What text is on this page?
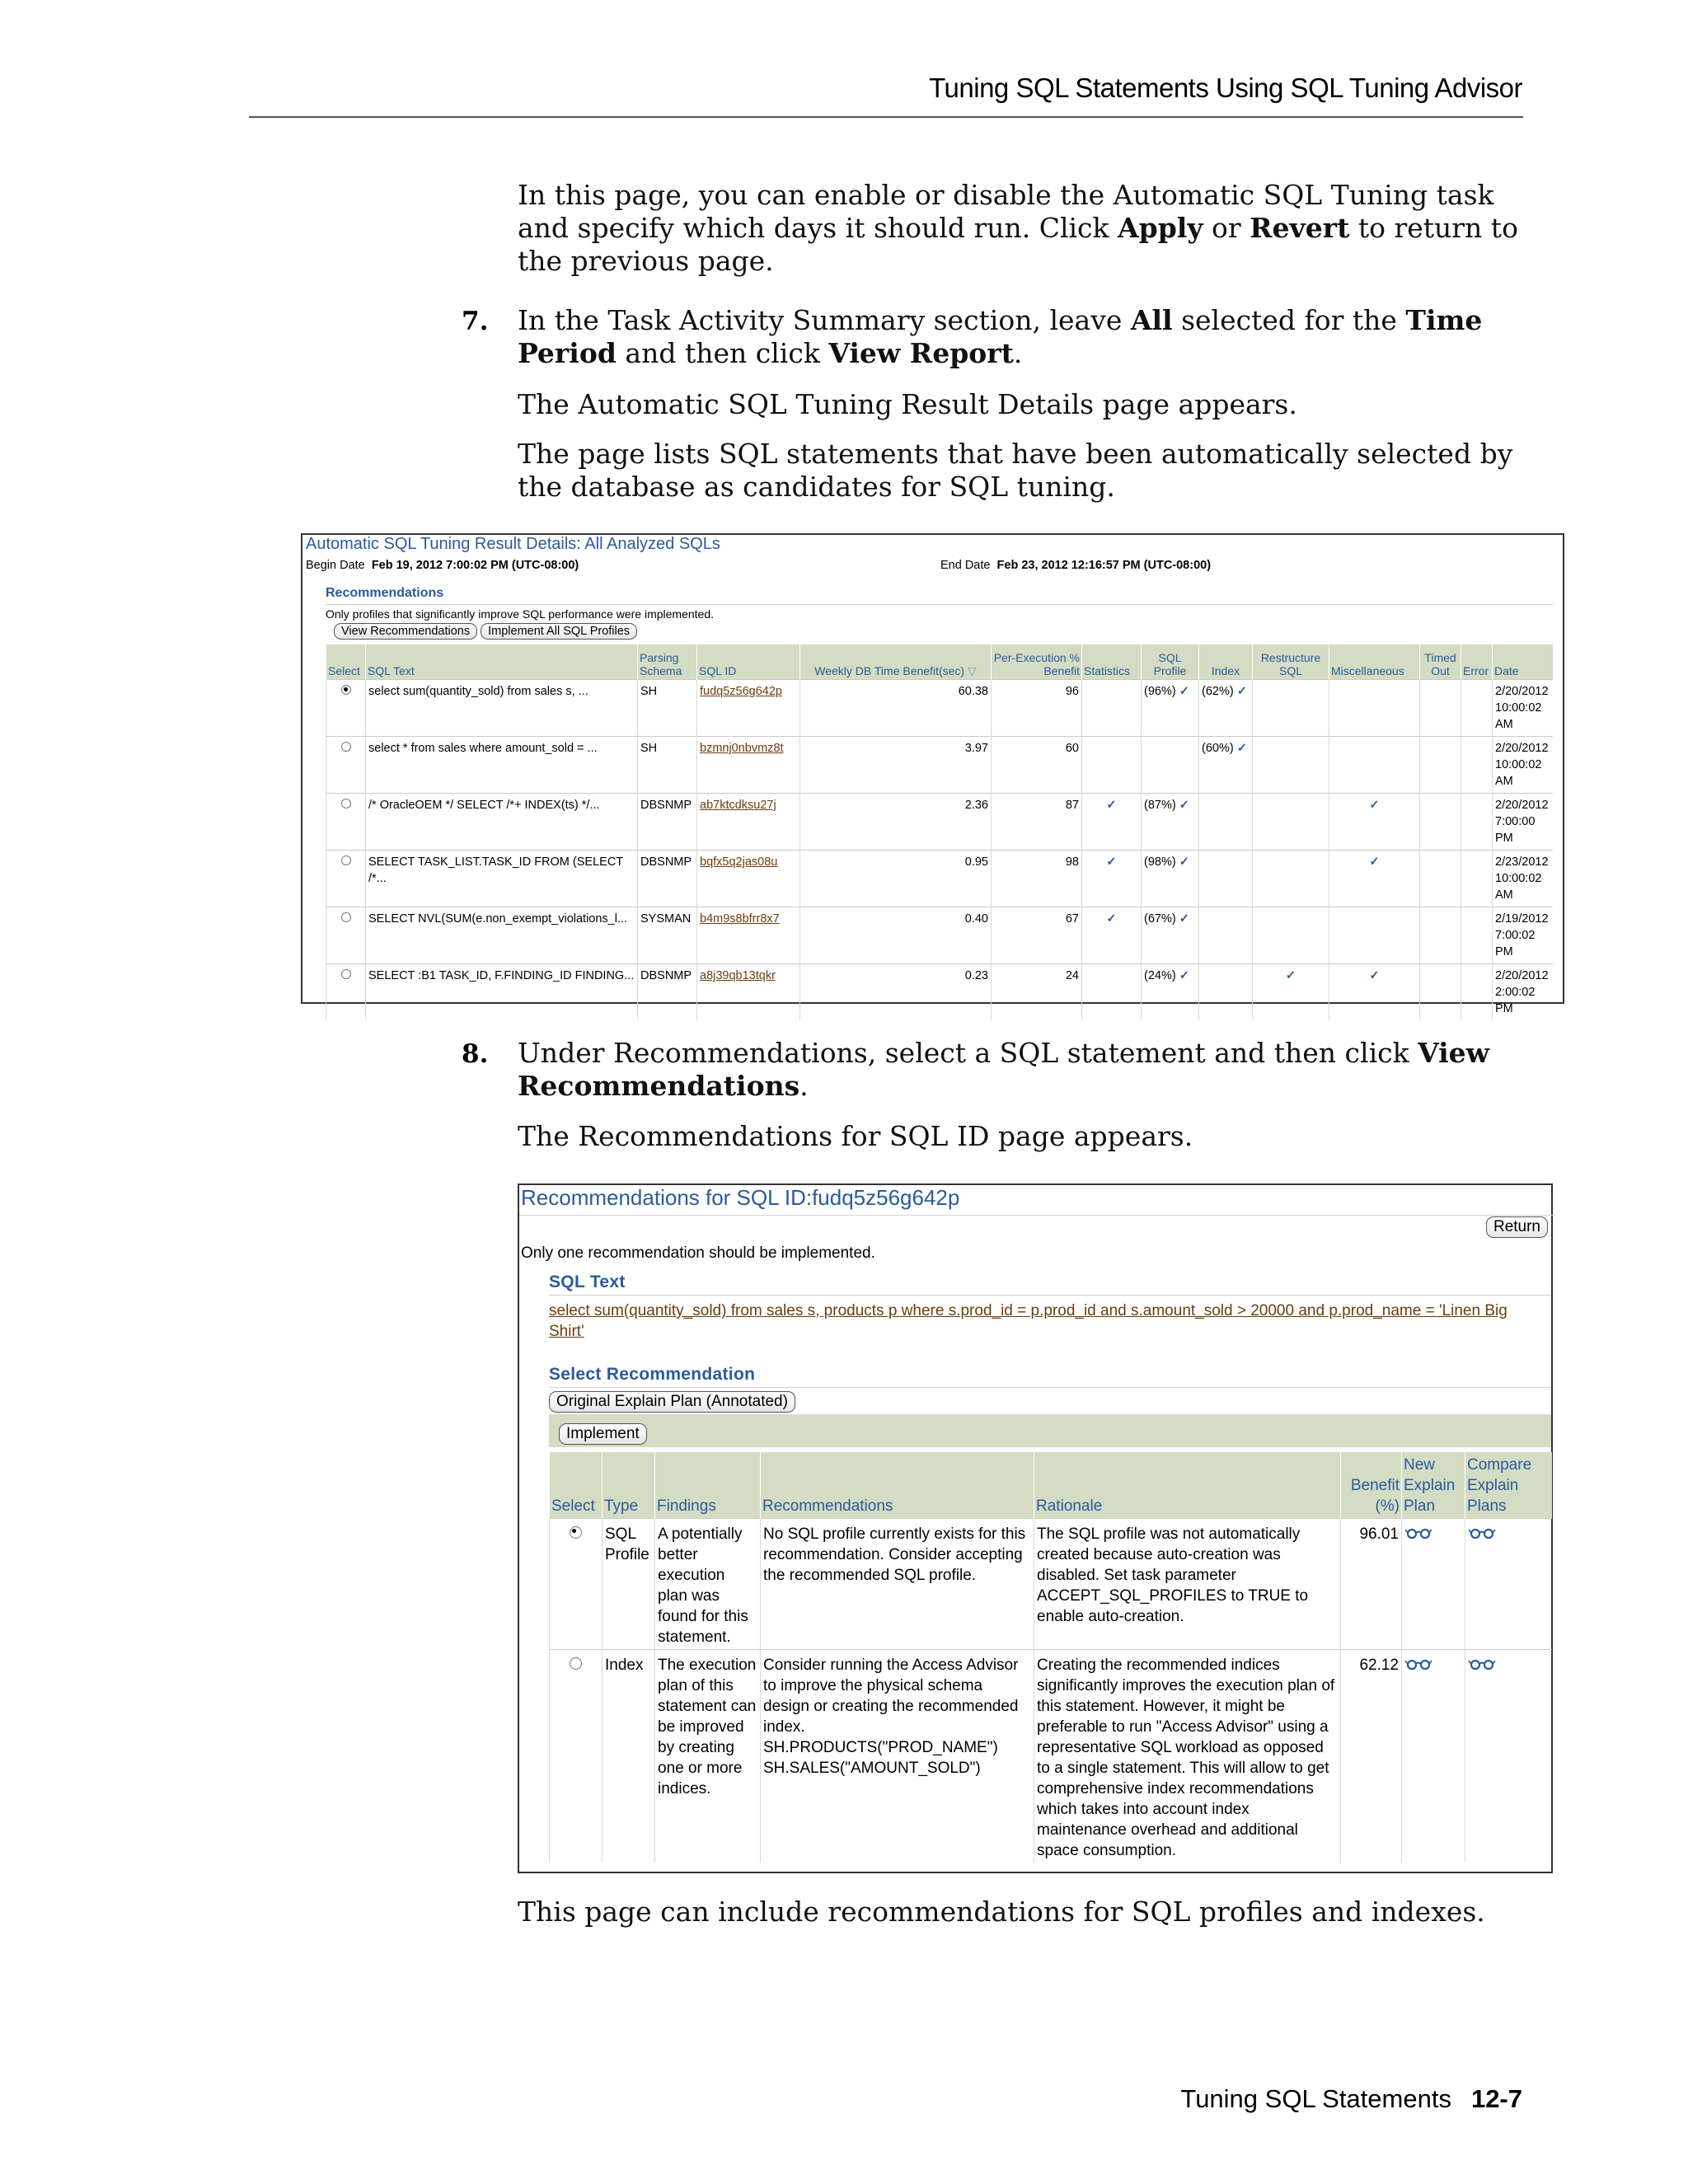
Tuning SQL Statements Using SQL Tuning Advisor
In this page, you can enable or disable the Automatic SQL Tuning task and specify which days it should run. Click Apply or Revert to return to the previous page.
7. In the Task Activity Summary section, leave All selected for the Time Period and then click View Report.
The Automatic SQL Tuning Result Details page appears.
The page lists SQL statements that have been automatically selected by the database as candidates for SQL tuning.
Automatic SQL Tuning Result Details: All Analyzed SQLs
Begin Date Feb 19, 2012 7:00:02 PM (UTC-08:00)	End Date Feb 23, 2012 12:16:57 PM (UTC-08:00)
Recommendations
Only profiles that significantly improve SQL performance were implemented.
View Recommendations Implement All SQL Profiles
Select	SQL Text	Parsing Schema	SQL ID	Weekly DB Time Benefit(sec) ▽	Per-Execution % Benefit	Statistics	SQL Profile	Index	Restructure SQL	Miscellaneous	Timed Out	Error	Date
	select sum(quantity_sold) from sales s, ...	SH	fudq5z56g642p	60.38	96		(96%) ✓	(62%) ✓					2/20/2012 10:00:02 AM
	select * from sales where amount_sold = ...	SH	bzmnj0nbvmz8t	3.97	60			(60%) ✓					2/20/2012 10:00:02 AM
	/* OracleOEM */ SELECT /*+ INDEX(ts) */...	DBSNMP	ab7ktcdksu27j	2.36	87	✓	(87%) ✓			✓			2/20/2012 7:00:00 PM
	SELECT TASK_LIST.TASK_ID FROM (SELECT /*...	DBSNMP	bqfx5q2jas08u	0.95	98	✓	(98%) ✓			✓			2/23/2012 10:00:02 AM
	SELECT NVL(SUM(e.non_exempt_violations_l...	SYSMAN	b4m9s8bfrr8x7	0.40	67	✓	(67%) ✓						2/19/2012 7:00:02 PM
	SELECT :B1 TASK_ID, F.FINDING_ID FINDING...	DBSNMP	a8j39qb13tqkr	0.23	24		(24%) ✓		✓	✓			2/20/2012 2:00:02 PM
8. Under Recommendations, select a SQL statement and then click View Recommendations.
The Recommendations for SQL ID page appears.
Recommendations for SQL ID:fudq5z56g642p
Return
Only one recommendation should be implemented.
SQL Text
select sum(quantity_sold) from sales s, products p where s.prod_id = p.prod_id and s.amount_sold > 20000 and p.prod_name = 'Linen Big Shirt'
Select Recommendation
Original Explain Plan (Annotated)
Implement
Select	Type	Findings	Recommendations	Rationale	Benefit (%)	New Explain Plan	Compare Explain Plans
	SQL Profile	A potentially better execution plan was found for this statement.	No SQL profile currently exists for this recommendation. Consider accepting the recommended SQL profile.	The SQL profile was not automatically created because auto-creation was disabled. Set task parameter ACCEPT_SQL_PROFILES to TRUE to enable auto-creation.	96.01		
	Index	The execution plan of this statement can be improved by creating one or more indices.	Consider running the Access Advisor to improve the physical schema design or creating the recommended index. SH.PRODUCTS("PROD_NAME") SH.SALES("AMOUNT_SOLD")	Creating the recommended indices significantly improves the execution plan of this statement. However, it might be preferable to run "Access Advisor" using a representative SQL workload as opposed to a single statement. This will allow to get comprehensive index recommendations which takes into account index maintenance overhead and additional space consumption.	62.12		
This page can include recommendations for SQL profiles and indexes.
Tuning SQL Statements 12-7
